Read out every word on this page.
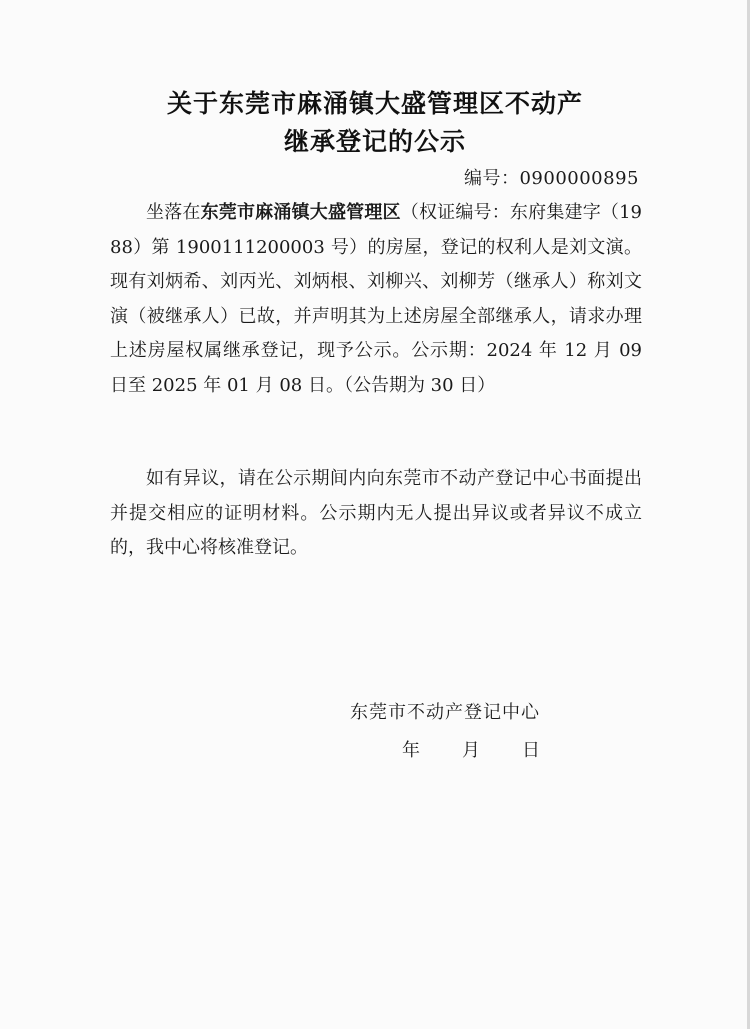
关于东莞市麻涌镇大盛管理区不动产
继承登记的公示
编号：0900000895

坐落在东莞市麻涌镇大盛管理区（权证编号：东府集建字（1988）第 1900111200003 号）的房屋，登记的权利人是刘文演。现有刘炳希、刘丙光、刘炳根、刘柳兴、刘柳芳（继承人）称刘文演（被继承人）已故，并声明其为上述房屋全部继承人，请求办理上述房屋权属继承登记，现予公示。公示期：2024 年 12 月 09 日至 2025 年 01 月 08 日。（公告期为 30 日）

如有异议，请在公示期间内向东莞市不动产登记中心书面提出并提交相应的证明材料。公示期内无人提出异议或者异议不成立的，我中心将核准登记。

东莞市不动产登记中心
年 月 日
